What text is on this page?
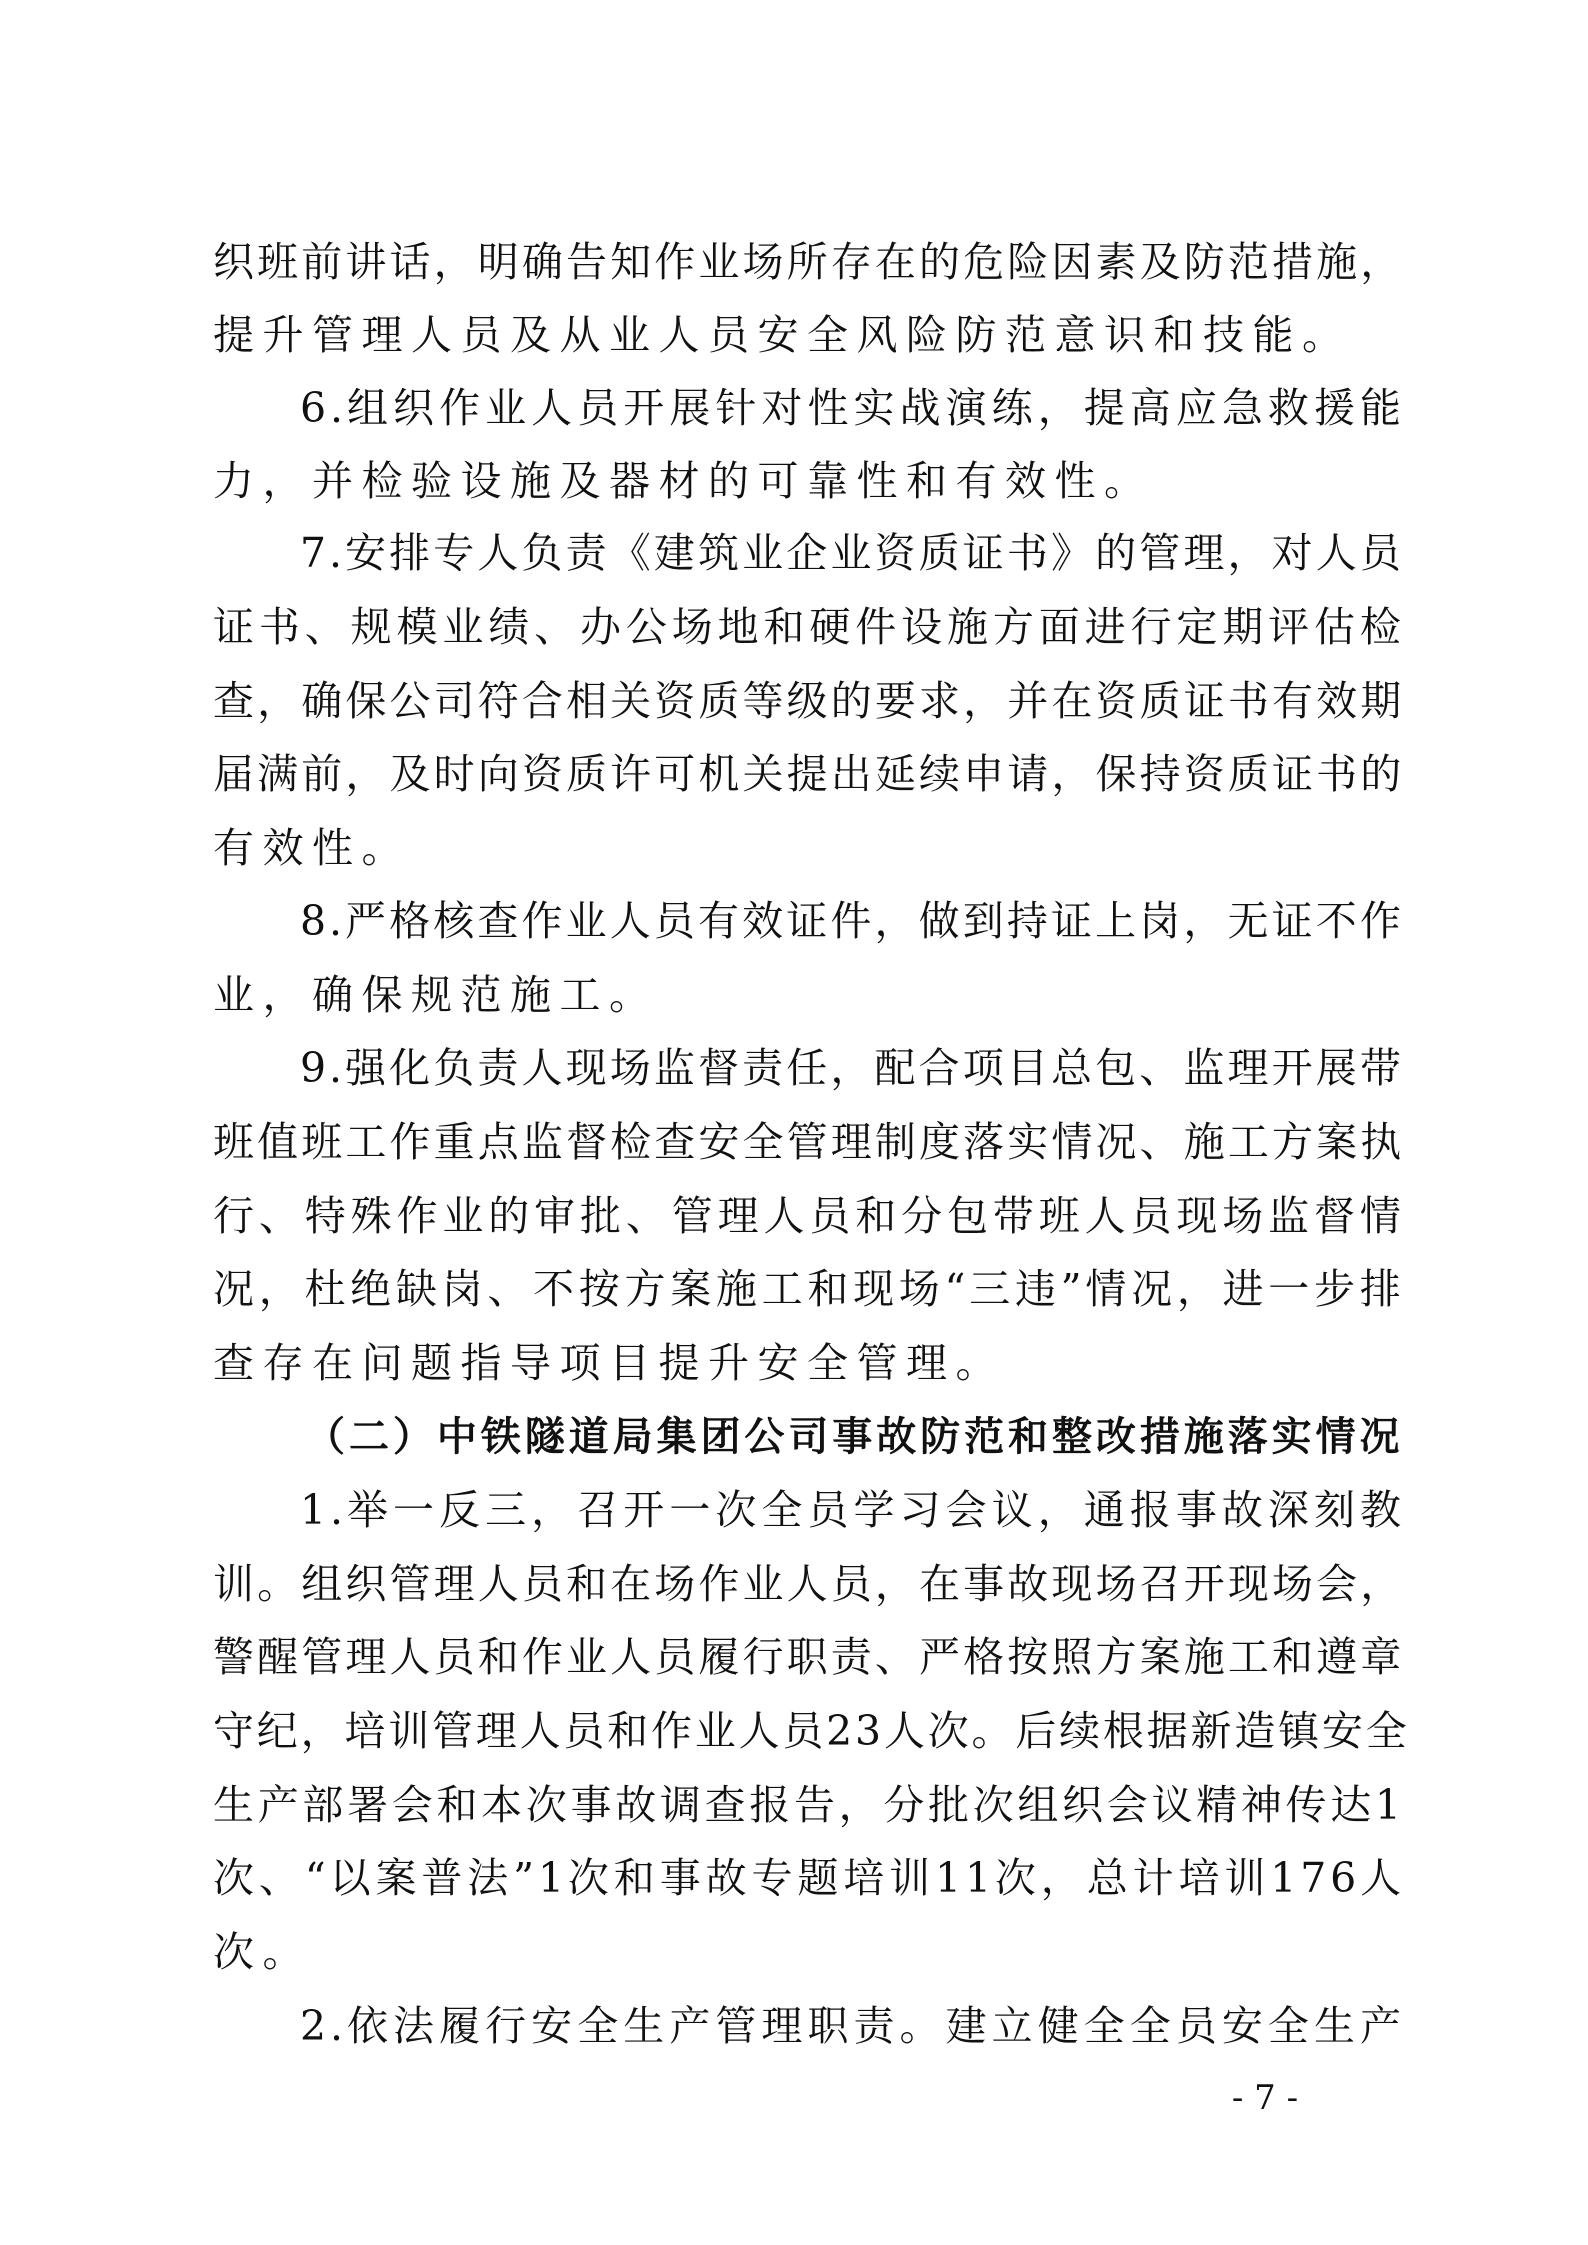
织 班 前 讲 话 ， 明 确 告 知 作 业 场 所 存 在 的 危 险 因 素 及 防 范 措 施 ，
提升管理人员及从业人员安全风险防范意识和技能。
6 . 组 织 作 业 人 员 开 展 针 对 性 实 战 演 练 ， 提 高 应 急 救 援 能
力，并检验设施及器材的可靠性和有效性。
7 . 安 排 专 人 负 责 《 建 筑 业 企 业 资 质 证 书 》 的 管 理 ， 对 人 员
证 书 、 规 模 业 绩 、 办 公 场 地 和 硬 件 设 施 方 面 进 行 定 期 评 估 检
查 ， 确 保 公 司 符 合 相 关 资 质 等 级 的 要 求 ， 并 在 资 质 证 书 有 效 期
届 满 前 ， 及 时 向 资 质 许 可 机 关 提 出 延 续 申 请 ， 保 持 资 质 证 书 的
有效性。
8 . 严 格 核 查 作 业 人 员 有 效 证 件 ， 做 到 持 证 上 岗 ， 无 证 不 作
业，确保规范施工。
9 . 强 化 负 责 人 现 场 监 督 责 任 ， 配 合 项 目 总 包 、 监 理 开 展 带
班 值 班 工 作 重 点 监 督 检 查 安 全 管 理 制 度 落 实 情 况 、 施 工 方 案 执
行 、 特 殊 作 业 的 审 批 、 管 理 人 员 和 分 包 带 班 人 员 现 场 监 督 情
况 ， 杜 绝 缺 岗 、 不 按 方 案 施 工 和 现 场 “ 三 违 ” 情 况 ， 进 一 步 排
查存在问题指导项目提升安全管理。
（ 二 ） 中 铁 隧 道 局 集 团 公 司 事 故 防 范 和 整 改 措 施 落 实 情 况
1 . 举 一 反 三 ， 召 开 一 次 全 员 学 习 会 议 ， 通 报 事 故 深 刻 教
训 。 组 织 管 理 人 员 和 在 场 作 业 人 员 ， 在 事 故 现 场 召 开 现 场 会 ，
警 醒 管 理 人 员 和 作 业 人 员 履 行 职 责 、 严 格 按 照 方 案 施 工 和 遵 章
守 纪 ， 培 训 管 理 人 员 和 作 业 人 员 2 3 人 次 。 后 续 根 据 新 造 镇 安 全
生 产 部 署 会 和 本 次 事 故 调 查 报 告 ， 分 批 次 组 织 会 议 精 神 传 达 1
次 、 “ 以 案 普 法 ” 1 次 和 事 故 专 题 培 训 1 1 次 ， 总 计 培 训 1 7 6 人
次。
2 . 依 法 履 行 安 全 生 产 管 理 职 责 。 建 立 健 全 全 员 安 全 生 产
- 7 -
